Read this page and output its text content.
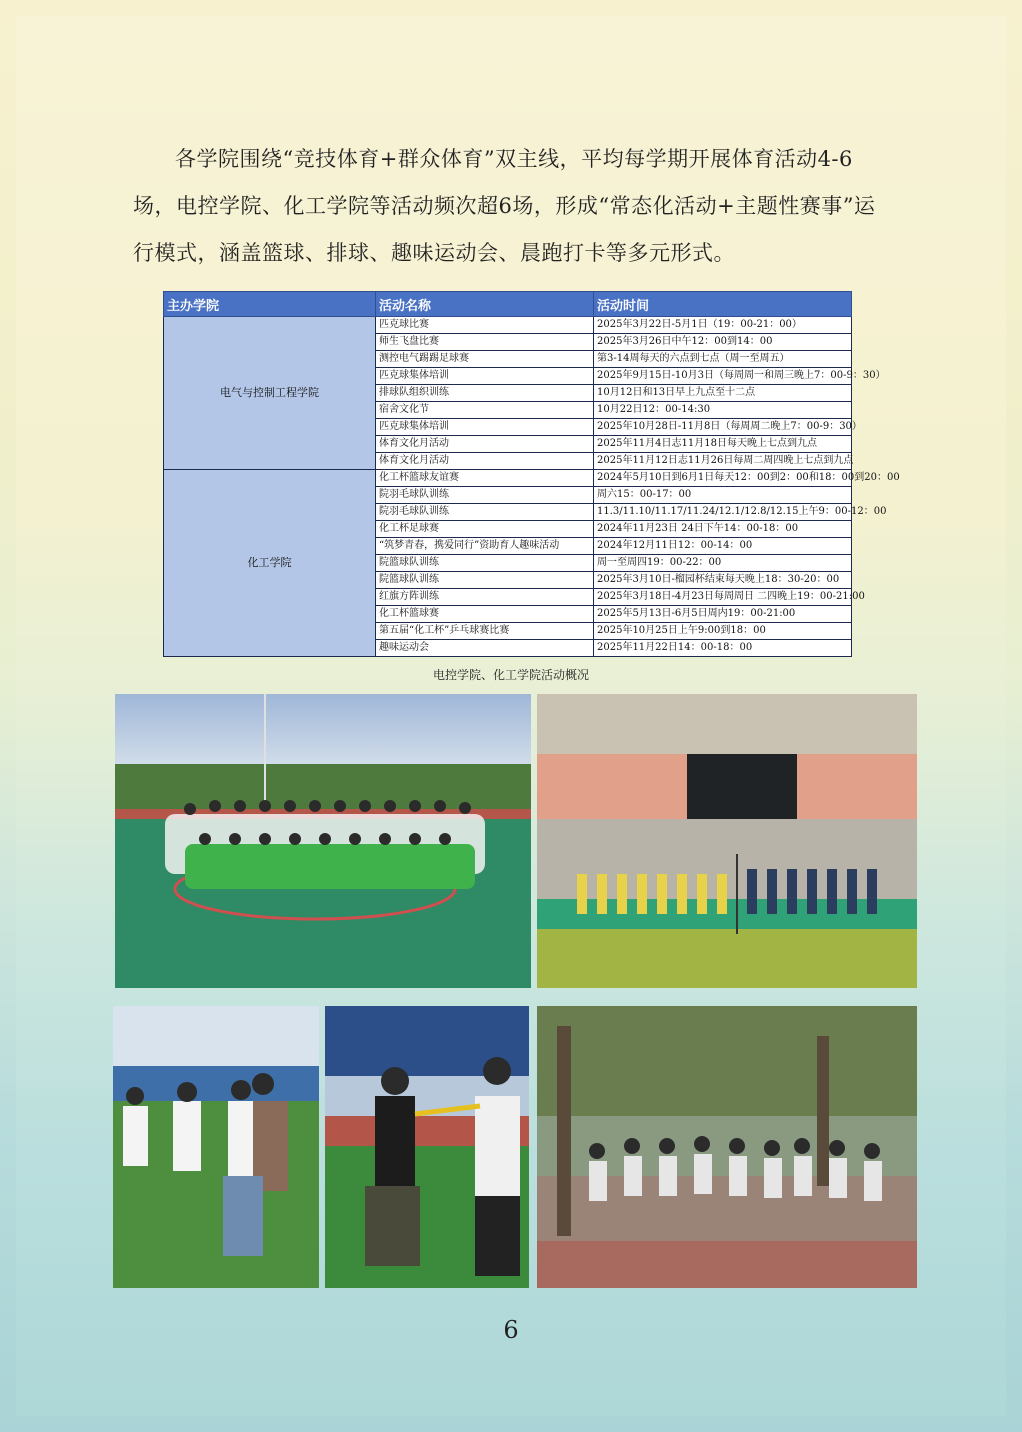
各学院围绕“竞技体育+群众体育”双主线，平均每学期开展体育活动4-6场，电控学院、化工学院等活动频次超6场，形成“常态化活动+主题性赛事”运行模式，涵盖篮球、排球、趣味运动会、晨跑打卡等多元形式。

主办学院	活动名称	活动时间
电气与控制工程学院	匹克球比赛	2025年3月22日-5月1日（19：00-21：00）
	师生飞盘比赛	2025年3月26日中午12：00到14：00
	测控电气踢踢足球赛	第3-14周每天的六点到七点（周一至周五）
	匹克球集体培训	2025年9月15日-10月3日（每周周一和周三晚上7：00-9：30）
	排球队组织训练	10月12日和13日早上九点至十二点
	宿舍文化节	10月22日12：00-14:30
	匹克球集体培训	2025年10月28日-11月8日（每周周二晚上7：00-9：30）
	体育文化月活动	2025年11月4日志11月18日每天晚上七点到九点
	体育文化月活动	2025年11月12日志11月26日每周二周四晚上七点到九点
化工学院	化工杯篮球友谊赛	2024年5月10日到6月1日每天12：00到2：00和18：00到20：00
	院羽毛球队训练	周六15：00-17：00
	院羽毛球队训练	11.3/11.10/11.17/11.24/12.1/12.8/12.15上午9：00-12：00
	化工杯足球赛	2024年11月23日 24日下午14：00-18：00
	“筑梦青春，携爱同行”资助育人趣味活动	2024年12月11日12：00-14：00
	院篮球队训练	周一至周四19：00-22：00
	院篮球队训练	2025年3月10日-榴园杯结束每天晚上18：30-20：00
	红旗方阵训练	2025年3月18日-4月23日每周周日 二四晚上19：00-21:00
	化工杯篮球赛	2025年5月13日-6月5日周内19：00-21:00
	第五届“化工杯”乒乓球赛比赛	2025年10月25日上午9:00到18：00
	趣味运动会	2025年11月22日14：00-18：00
电控学院、化工学院活动概况
6
